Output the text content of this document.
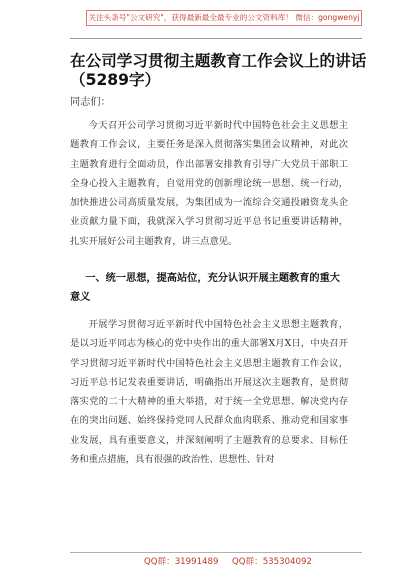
关注头条号"公文研究"，获得最新最全最专业的公文资料库！ 微信：gongwenyj
在公司学习贯彻主题教育工作会议上的讲话（5289字）
同志们：

今天召开公司学习贯彻习近平新时代中国特色社会主义思想主题教育工作会议，主要任务是深入贯彻落实集团会议精神，对此次主题教育进行全面动员，作出部署安排教育引导广大党员干部职工全身心投入主题教育，自觉用党的创新理论统一思想、统一行动，加快推进公司高质量发展，为集团成为一流综合交通投融资龙头企业贡献力量下面，我就深入学习贯彻习近平总书记重要讲话精神，扎实开展好公司主题教育，讲三点意见。

一、统一思想，提高站位，充分认识开展主题教育的重大意义

开展学习贯彻习近平新时代中国特色社会主义思想主题教育，是以习近平同志为核心的党中央作出的重大部署X月X日，中央召开学习贯彻习近平新时代中国特色社会主义思想主题教育工作会议，习近平总书记发表重要讲话，明确指出开展这次主题教育，是贯彻落实党的二十大精神的重大举措，对于统一全党思想、解决党内存在的突出问题、始终保持党同人民群众血肉联系、推动党和国家事业发展，具有重要意义，并深刻阐明了主题教育的总要求、目标任务和重点措施，具有很强的政治性、思想性、针对

QQ群：31991489 QQ群：535304092
